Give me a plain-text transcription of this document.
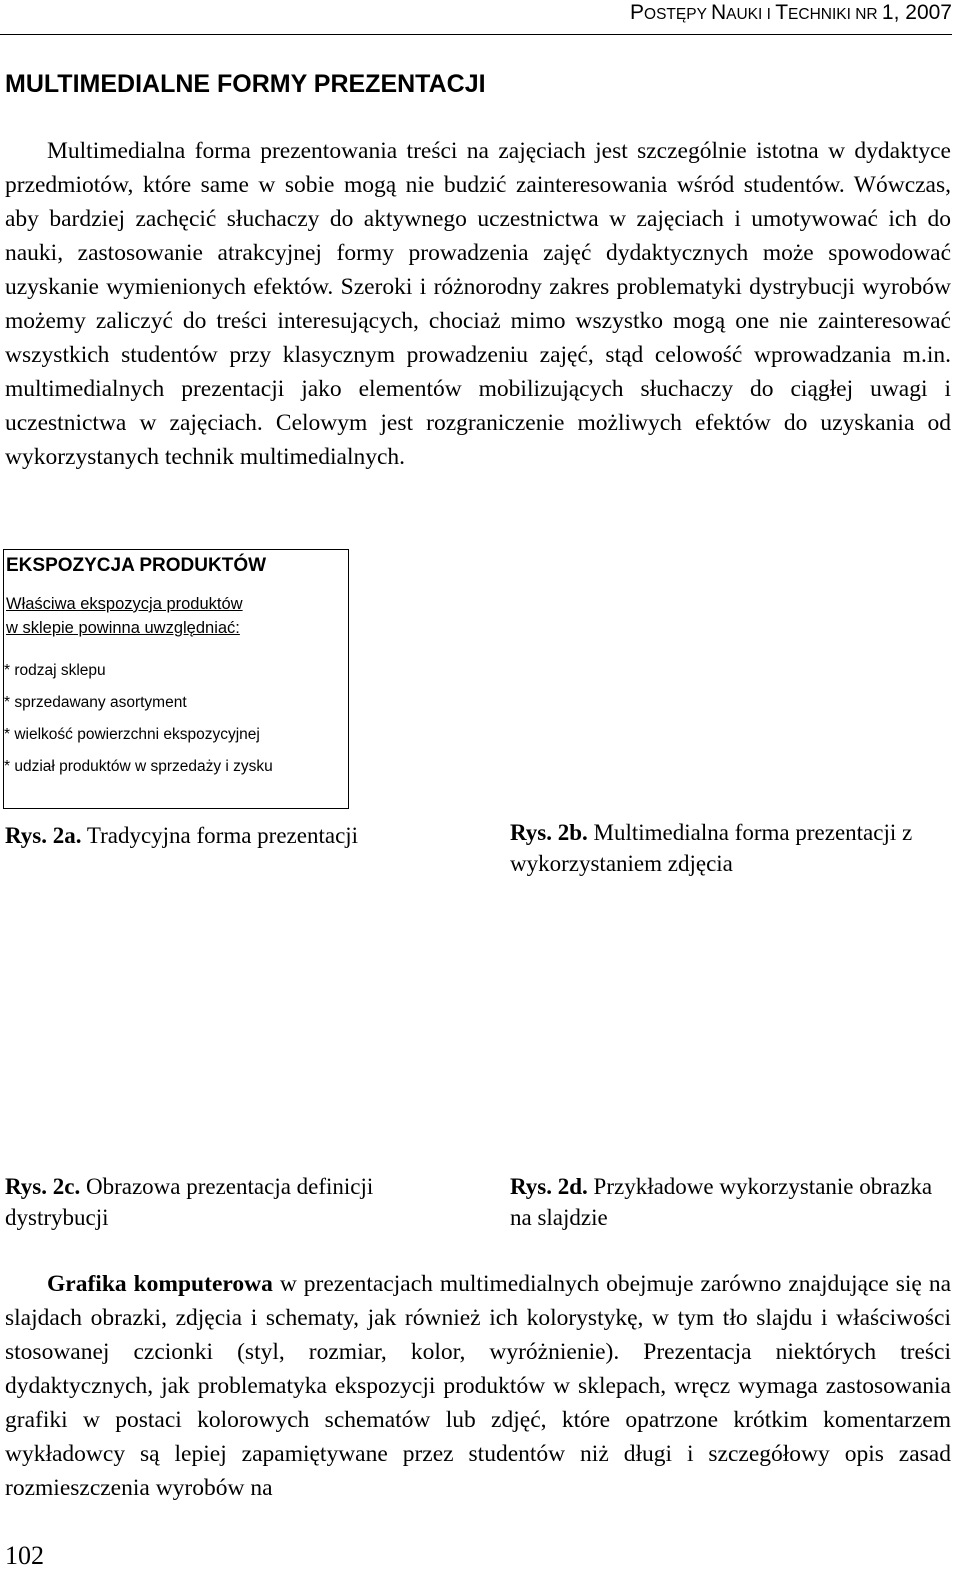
POSTĘPY NAUKI I TECHNIKI NR 1, 2007
MULTIMEDIALNE FORMY PREZENTACJI
Multimedialna forma prezentowania treści na zajęciach jest szczególnie istotna w dydaktyce przedmiotów, które same w sobie mogą nie budzić zainteresowania wśród studentów. Wówczas, aby bardziej zachęcić słuchaczy do aktywnego uczestnictwa w zajęciach i umotywować ich do nauki, zastosowanie atrakcyjnej formy prowadzenia zajęć dydaktycznych może spowodować uzyskanie wymienionych efektów. Szeroki i różnorodny zakres problematyki dystrybucji wyrobów możemy zaliczyć do treści interesujących, chociaż mimo wszystko mogą one nie zainteresować wszystkich studentów przy klasycznym prowadzeniu zajęć, stąd celowość wprowadzania m.in. multimedialnych prezentacji jako elementów mobilizujących słuchaczy do ciągłej uwagi i uczestnictwa w zajęciach. Celowym jest rozgraniczenie możliwych efektów do uzyskania od wykorzystanych technik multimedialnych.
EKSPOZYCJA PRODUKTÓW
Właściwa ekspozycja produktów
w sklepie powinna uwzględniać:
* rodzaj sklepu
* sprzedawany asortyment
* wielkość powierzchni ekspozycyjnej
* udział produktów w sprzedaży i zysku
Rys. 2a. Tradycyjna forma prezentacji	Rys. 2b. Multimedialna forma prezentacji z wykorzystaniem zdjęcia
Rys. 2c. Obrazowa prezentacja definicji dystrybucji
Rys. 2d. Przykładowe wykorzystanie obrazka na slajdzie
Grafika komputerowa w prezentacjach multimedialnych obejmuje zarówno znajdujące się na slajdach obrazki, zdjęcia i schematy, jak również ich kolorystykę, w tym tło slajdu i właściwości stosowanej czcionki (styl, rozmiar, kolor, wyróżnienie). Prezentacja niektórych treści dydaktycznych, jak problematyka ekspozycji produktów w sklepach, wręcz wymaga zastosowania grafiki w postaci kolorowych schematów lub zdjęć, które opatrzone krótkim komentarzem wykładowcy są lepiej zapamiętywane przez studentów niż długi i szczegółowy opis zasad rozmieszczenia wyrobów na
102
